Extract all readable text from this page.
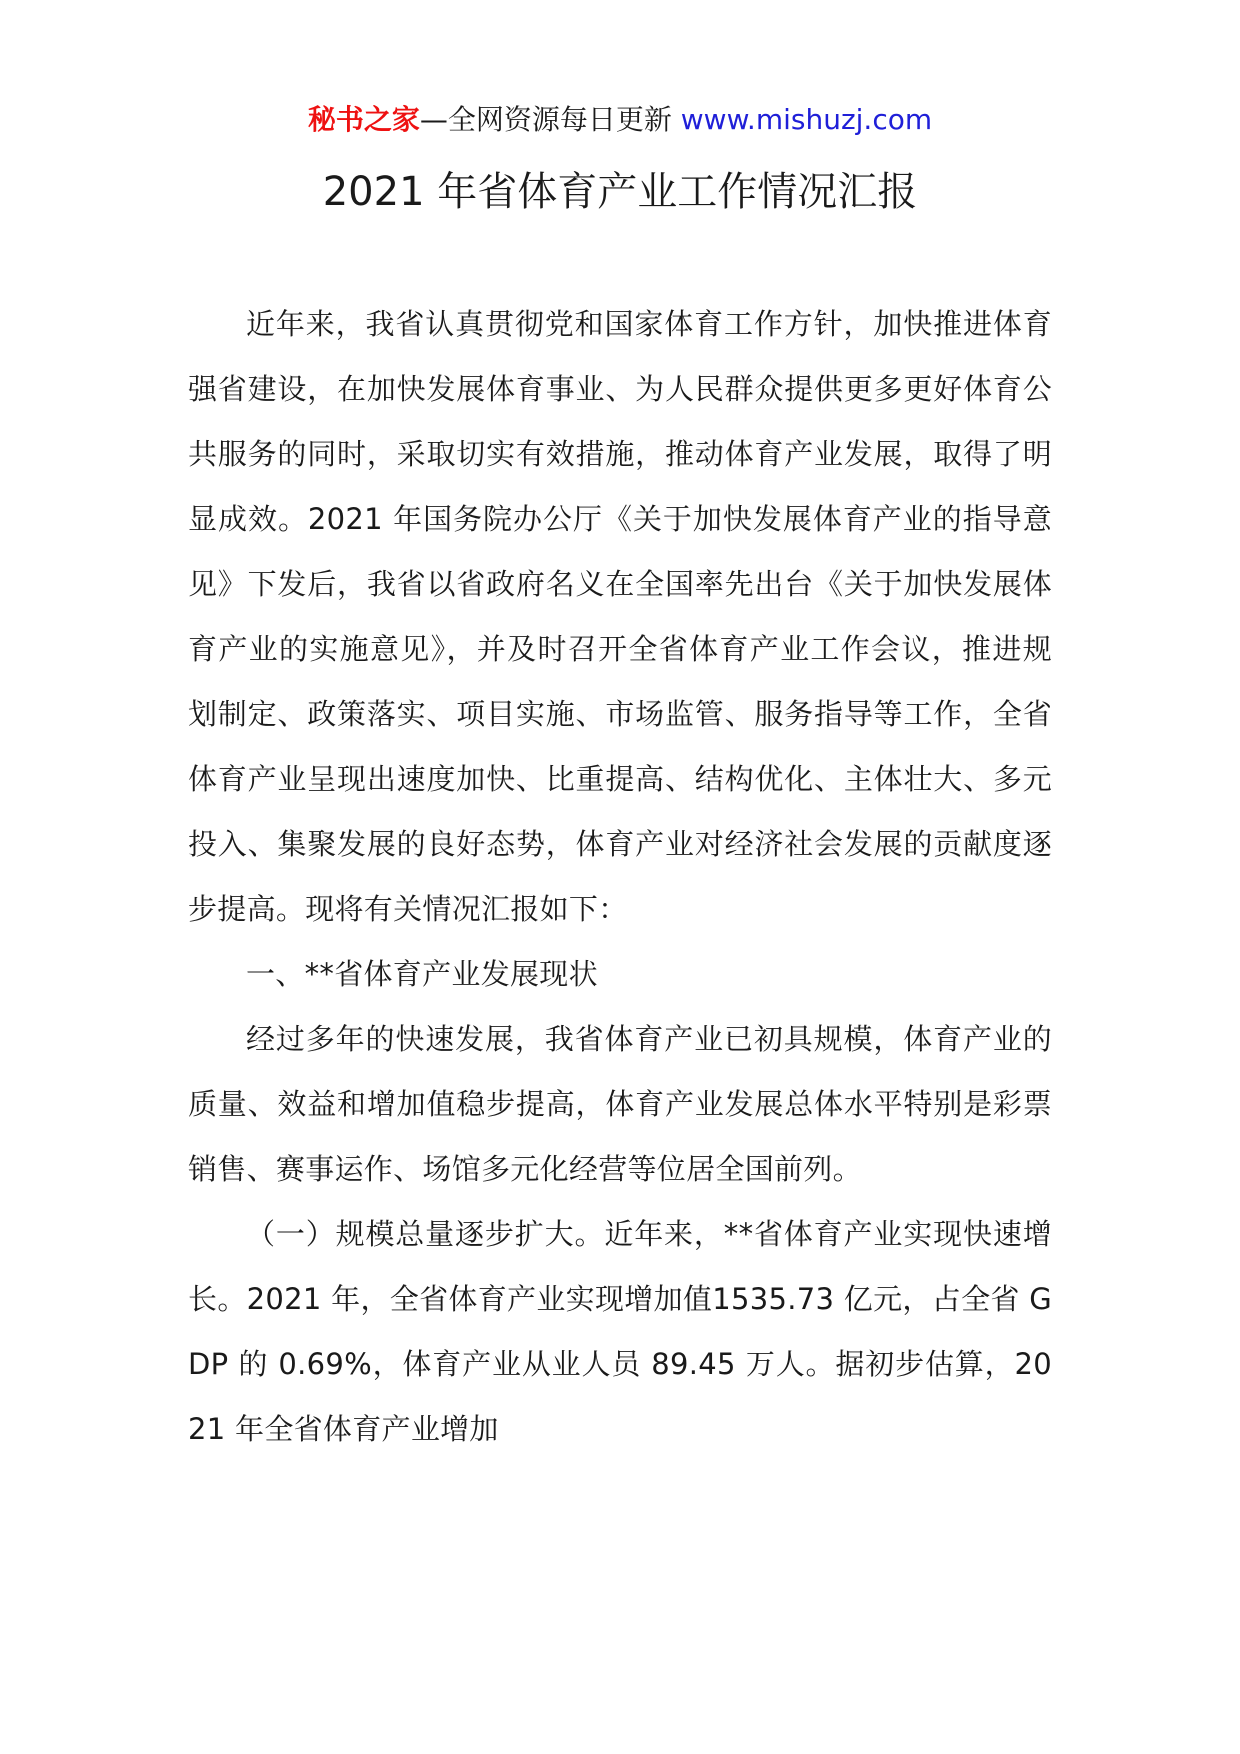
秘书之家—全网资源每日更新 www.mishuzj.com
2021 年省体育产业工作情况汇报

近年来，我省认真贯彻党和国家体育工作方针，加快推进体育强省建设，在加快发展体育事业、为人民群众提供更多更好体育公共服务的同时，采取切实有效措施，推动体育产业发展，取得了明显成效。2021 年国务院办公厅《关于加快发展体育产业的指导意见》下发后，我省以省政府名义在全国率先出台《关于加快发展体育产业的实施意见》，并及时召开全省体育产业工作会议，推进规划制定、政策落实、项目实施、市场监管、服务指导等工作，全省体育产业呈现出速度加快、比重提高、结构优化、主体壮大、多元投入、集聚发展的良好态势，体育产业对经济社会发展的贡献度逐步提高。现将有关情况汇报如下：

一、**省体育产业发展现状

经过多年的快速发展，我省体育产业已初具规模，体育产业的质量、效益和增加值稳步提高，体育产业发展总体水平特别是彩票销售、赛事运作、场馆多元化经营等位居全国前列。

（一）规模总量逐步扩大。近年来，**省体育产业实现快速增长。2021 年，全省体育产业实现增加值1535.73 亿元，占全省 GDP 的 0.69%，体育产业从业人员 89.45 万人。据初步估算，2021 年全省体育产业增加
